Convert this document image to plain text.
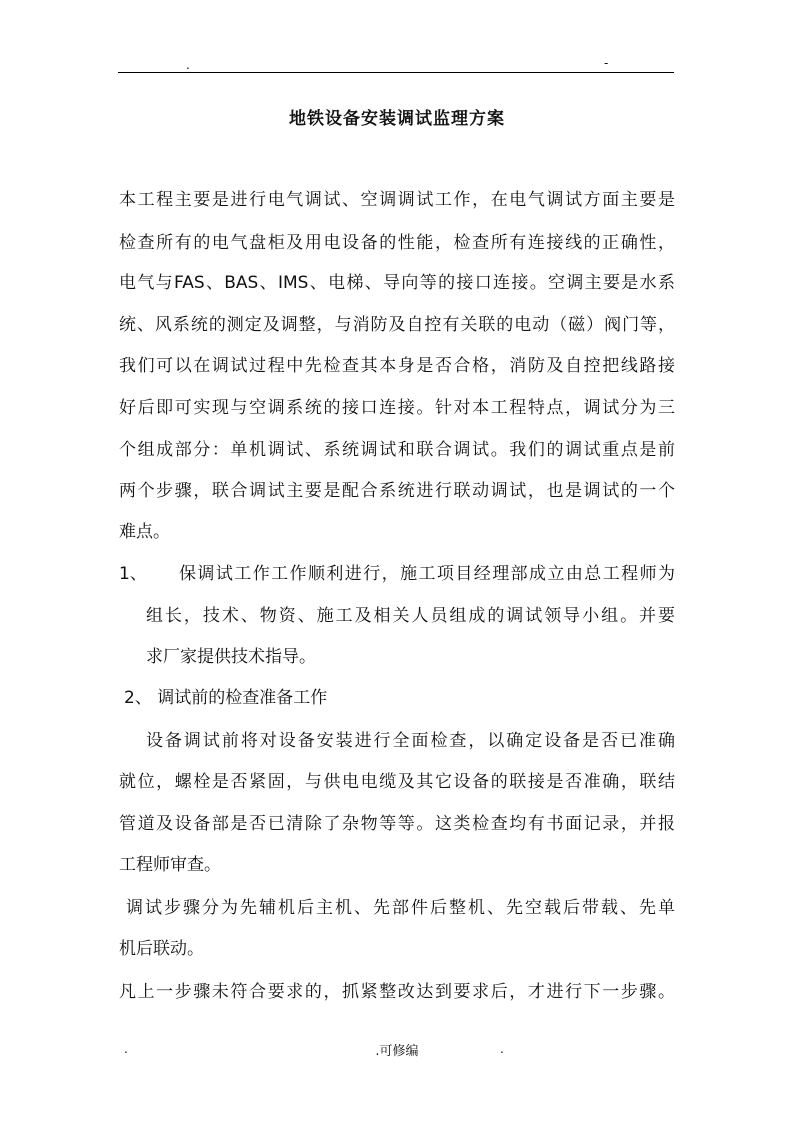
.	-
地铁设备安装调试监理方案
本工程主要是进行电气调试、空调调试工作，在电气调试方面主要是
检查所有的电气盘柜及用电设备的性能，检查所有连接线的正确性，
电气与FAS、BAS、IMS、电梯、导向等的接口连接。空调主要是水系
统、风系统的测定及调整，与消防及自控有关联的电动（磁）阀门等，
我们可以在调试过程中先检查其本身是否合格，消防及自控把线路接
好后即可实现与空调系统的接口连接。针对本工程特点，调试分为三
个组成部分：单机调试、系统调试和联合调试。我们的调试重点是前
两个步骤，联合调试主要是配合系统进行联动调试，也是调试的一个
难点。
1、 保调试工作工作顺利进行，施工项目经理部成立由总工程师为
组长，技术、物资、施工及相关人员组成的调试领导小组。并要
求厂家提供技术指导。
2、 调试前的检查准备工作
设备调试前将对设备安装进行全面检查，以确定设备是否已准确
就位，螺栓是否紧固，与供电电缆及其它设备的联接是否准确，联结
管道及设备部是否已清除了杂物等等。这类检查均有书面记录，并报
工程师审查。
调试步骤分为先辅机后主机、先部件后整机、先空载后带载、先单
机后联动。
凡上一步骤未符合要求的，抓紧整改达到要求后，才进行下一步骤。
.	.可修编	.
